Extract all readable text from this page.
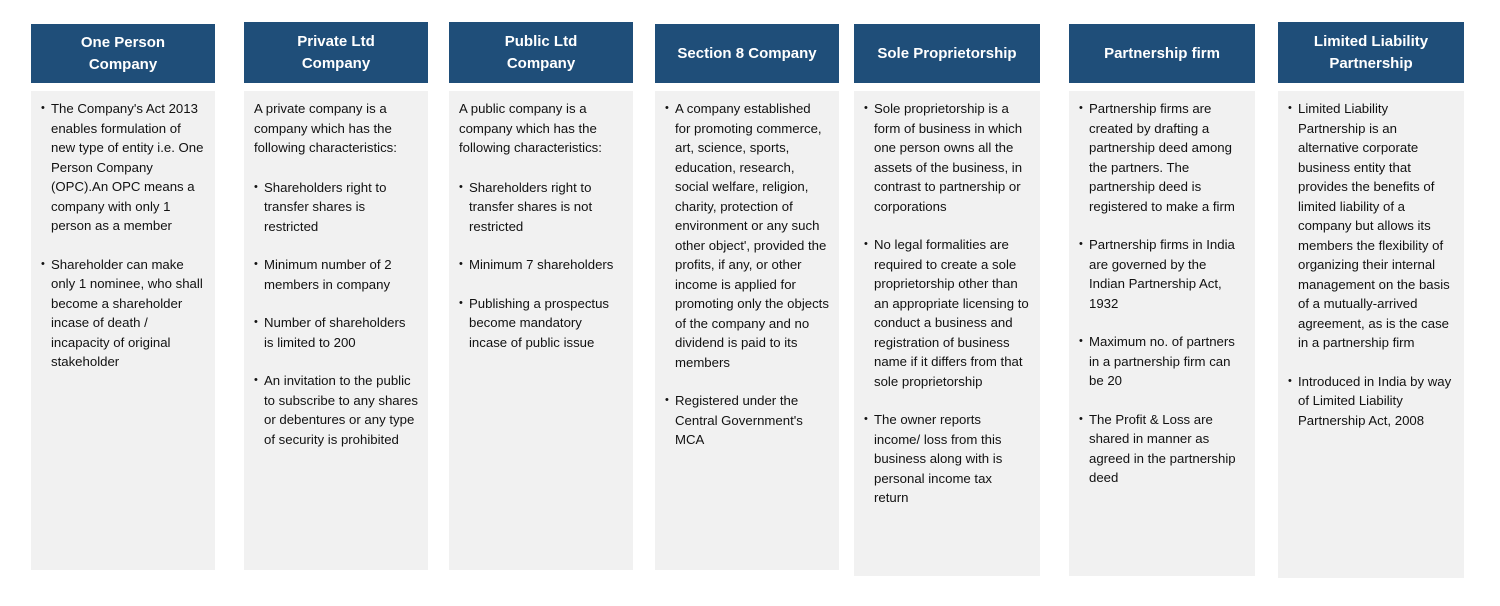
One Person Company
• The Company's Act 2013 enables formulation of new type of entity i.e. One Person Company (OPC).An OPC means a company with only 1 person as a member
• Shareholder can make only 1 nominee, who shall become a shareholder incase of death / incapacity of original stakeholder
Private Ltd Company
A private company is a company which has the following characteristics:
• Shareholders right to transfer shares is restricted
• Minimum number of 2 members in company
• Number of shareholders is limited to 200
• An invitation to the public to subscribe to any shares or debentures or any type of security is prohibited
Public Ltd Company
A public company is a company which has the following characteristics:
• Shareholders right to transfer shares is not restricted
• Minimum 7 shareholders
• Publishing a prospectus become mandatory incase of public issue
Section 8 Company
• A company established for promoting commerce, art, science, sports, education, research, social welfare, religion, charity, protection of environment or any such other object', provided the profits, if any, or other income is applied for promoting only the objects of the company and no dividend is paid to its members
• Registered under the Central Government's MCA
Sole Proprietorship
• Sole proprietorship is a form of business in which one person owns all the assets of the business, in contrast to partnership or corporations
• No legal formalities are required to create a sole proprietorship other than an appropriate licensing to conduct a business and registration of business name if it differs from that sole proprietorship
• The owner reports income/ loss from this business along with is personal income tax return
Partnership firm
• Partnership firms are created by drafting a partnership deed among the partners. The partnership deed is registered to make a firm
• Partnership firms in India are governed by the Indian Partnership Act, 1932
• Maximum no. of partners in a partnership firm can be 20
• The Profit & Loss are shared in manner as agreed in the partnership deed
Limited Liability Partnership
• Limited Liability Partnership is an alternative corporate business entity that provides the benefits of limited liability of a company but allows its members the flexibility of organizing their internal management on the basis of a mutually-arrived agreement, as is the case in a partnership firm
• Introduced in India by way of Limited Liability Partnership Act, 2008
